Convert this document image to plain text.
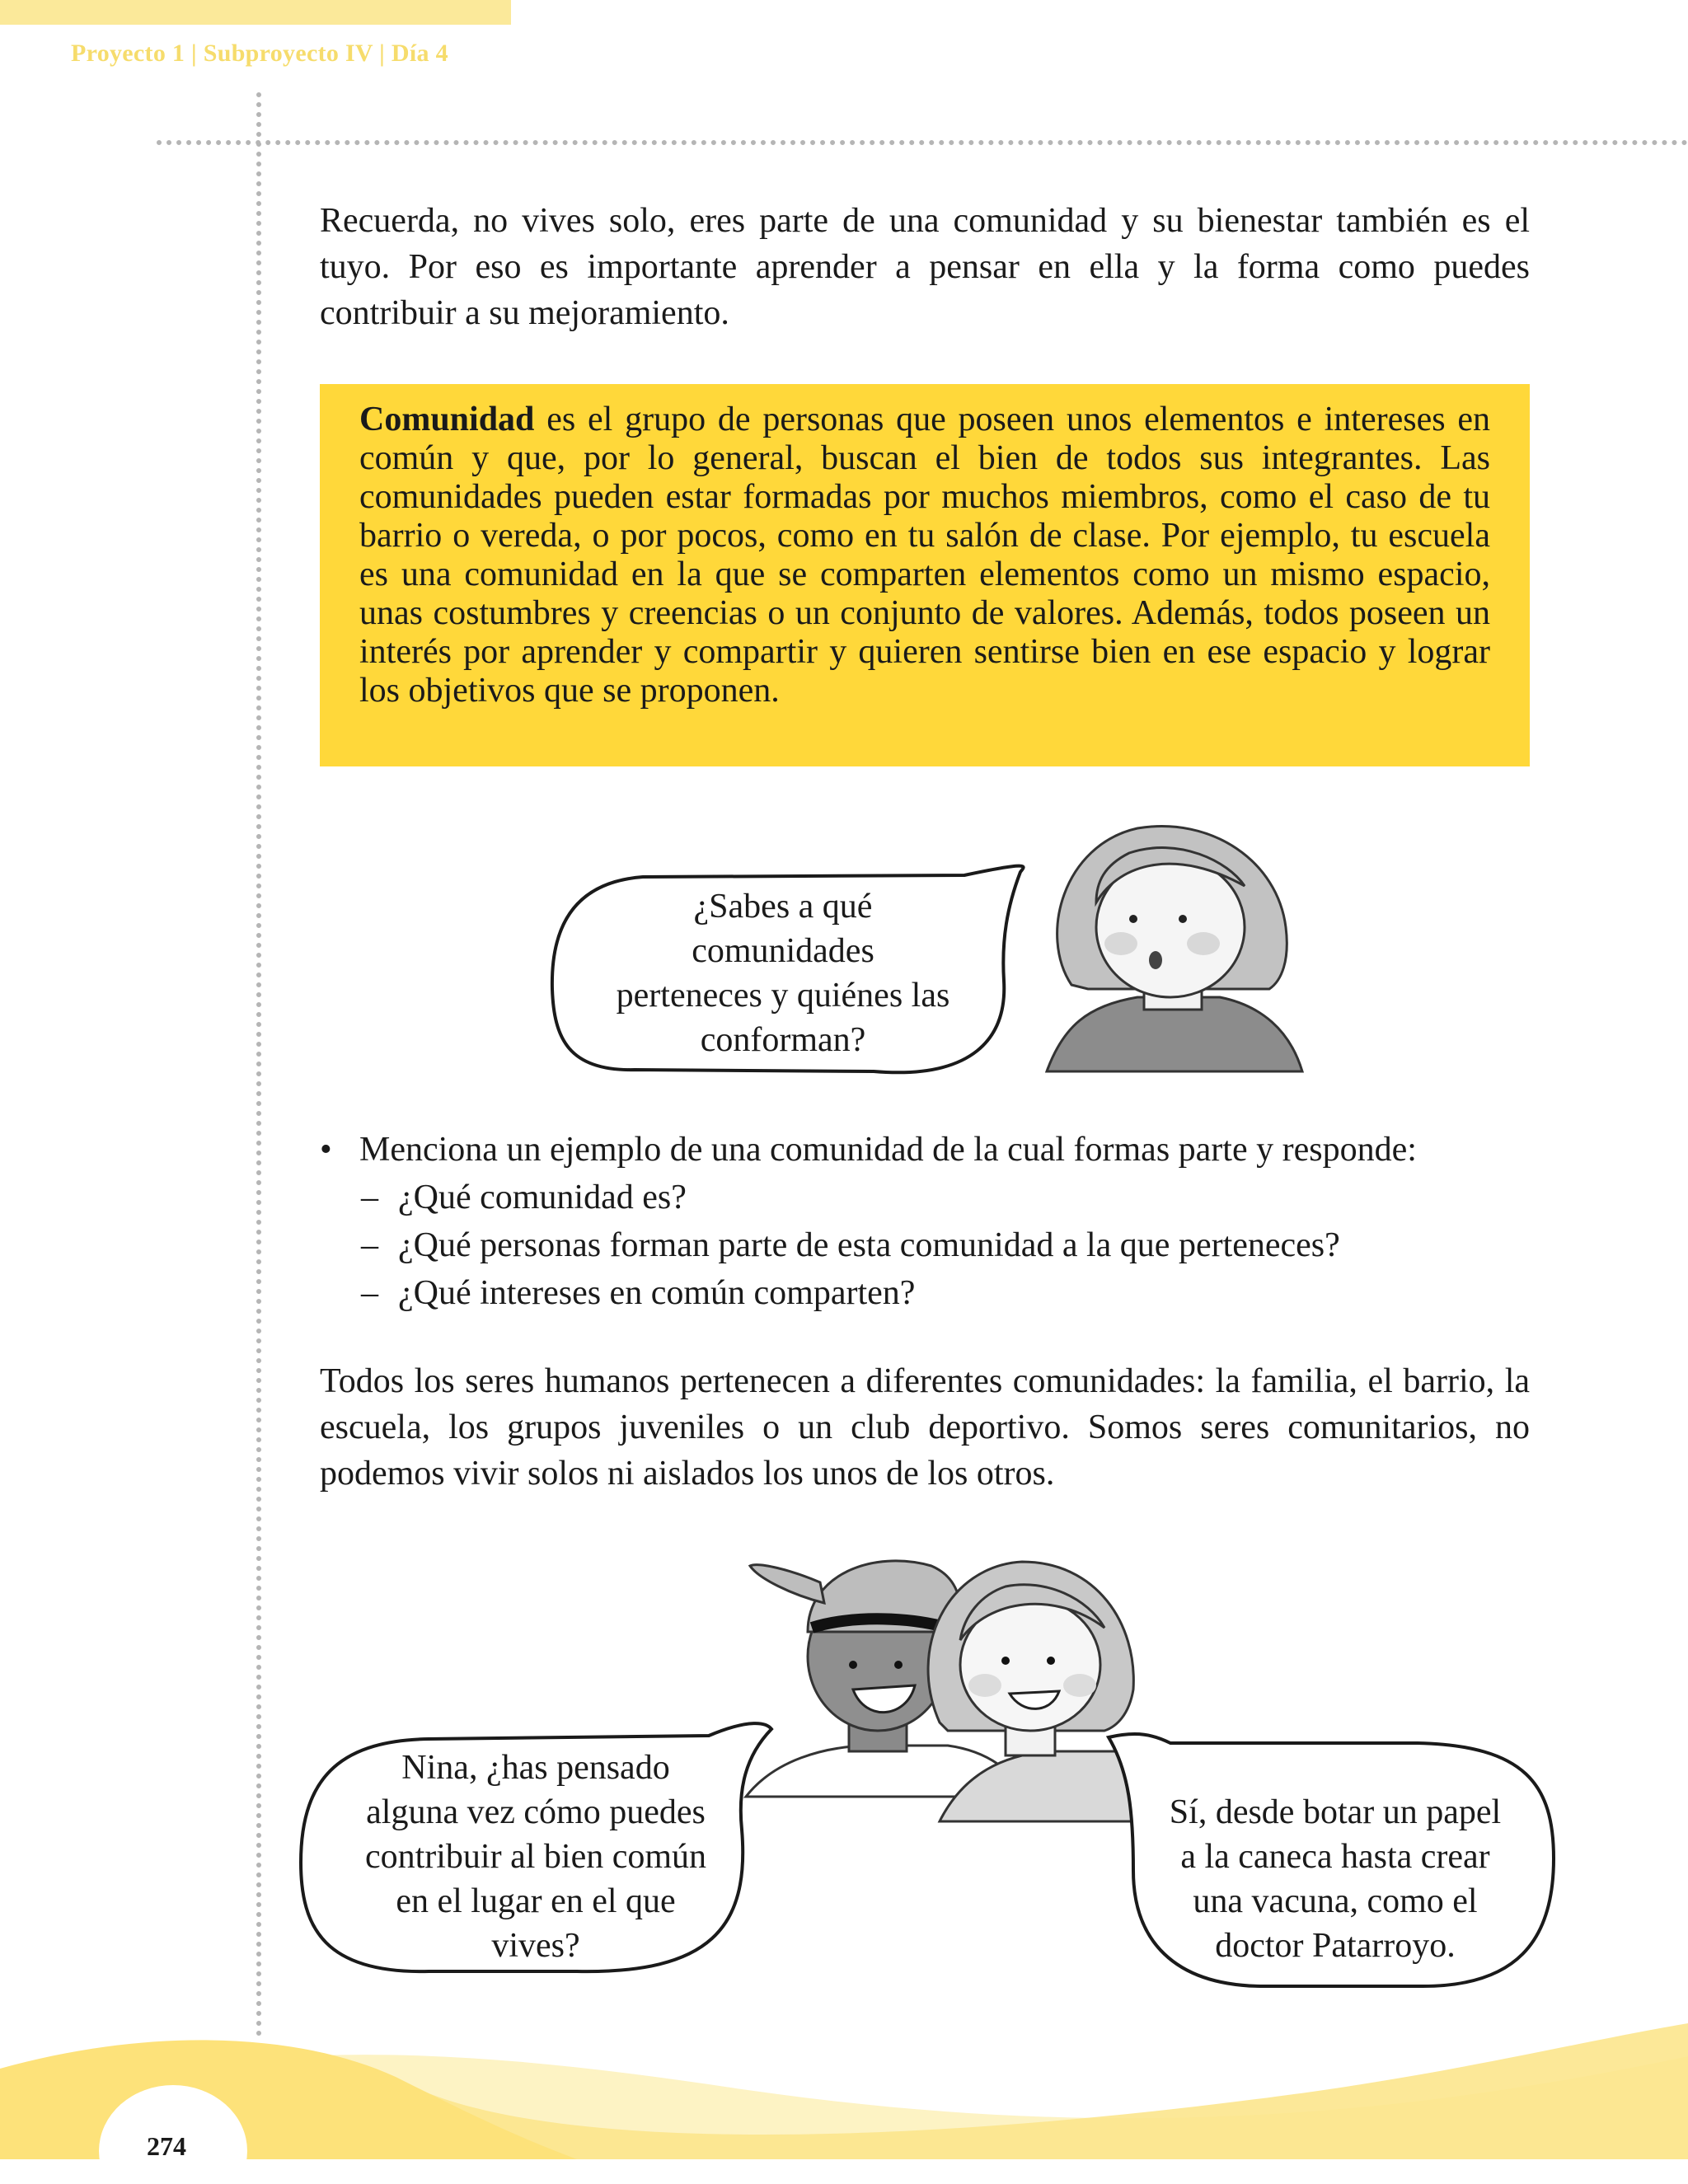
Proyecto 1 | Subproyecto IV | Día 4

Recuerda, no vives solo, eres parte de una comunidad y su bienestar también es el tuyo. Por eso es importante aprender a pensar en ella y la forma como puedes contribuir a su mejoramiento.

Comunidad es el grupo de personas que poseen unos elementos e intereses en común y que, por lo general, buscan el bien de todos sus integrantes. Las comunidades pueden estar formadas por muchos miembros, como el caso de tu barrio o vereda, o por pocos, como en tu salón de clase. Por ejemplo, tu escuela es una comunidad en la que se comparten elementos como un mismo espacio, unas costumbres y creencias o un conjunto de valores. Además, todos poseen un interés por aprender y compartir y quieren sentirse bien en ese espacio y lograr los objetivos que se proponen.

¿Sabes a qué
comunidades
perteneces y quiénes las
conforman?
• Menciona un ejemplo de una comunidad de la cual formas parte y responde:
– ¿Qué comunidad es?
– ¿Qué personas forman parte de esta comunidad a la que perteneces?
– ¿Qué intereses en común comparten?

Todos los seres humanos pertenecen a diferentes comunidades: la familia, el barrio, la escuela, los grupos juveniles o un club deportivo. Somos seres comunitarios, no podemos vivir solos ni aislados los unos de los otros.

Nina, ¿has pensado
alguna vez cómo puedes
contribuir al bien común
en el lugar en el que
vives?
Sí, desde botar un papel
a la caneca hasta crear
una vacuna, como el
doctor Patarroyo.
274
